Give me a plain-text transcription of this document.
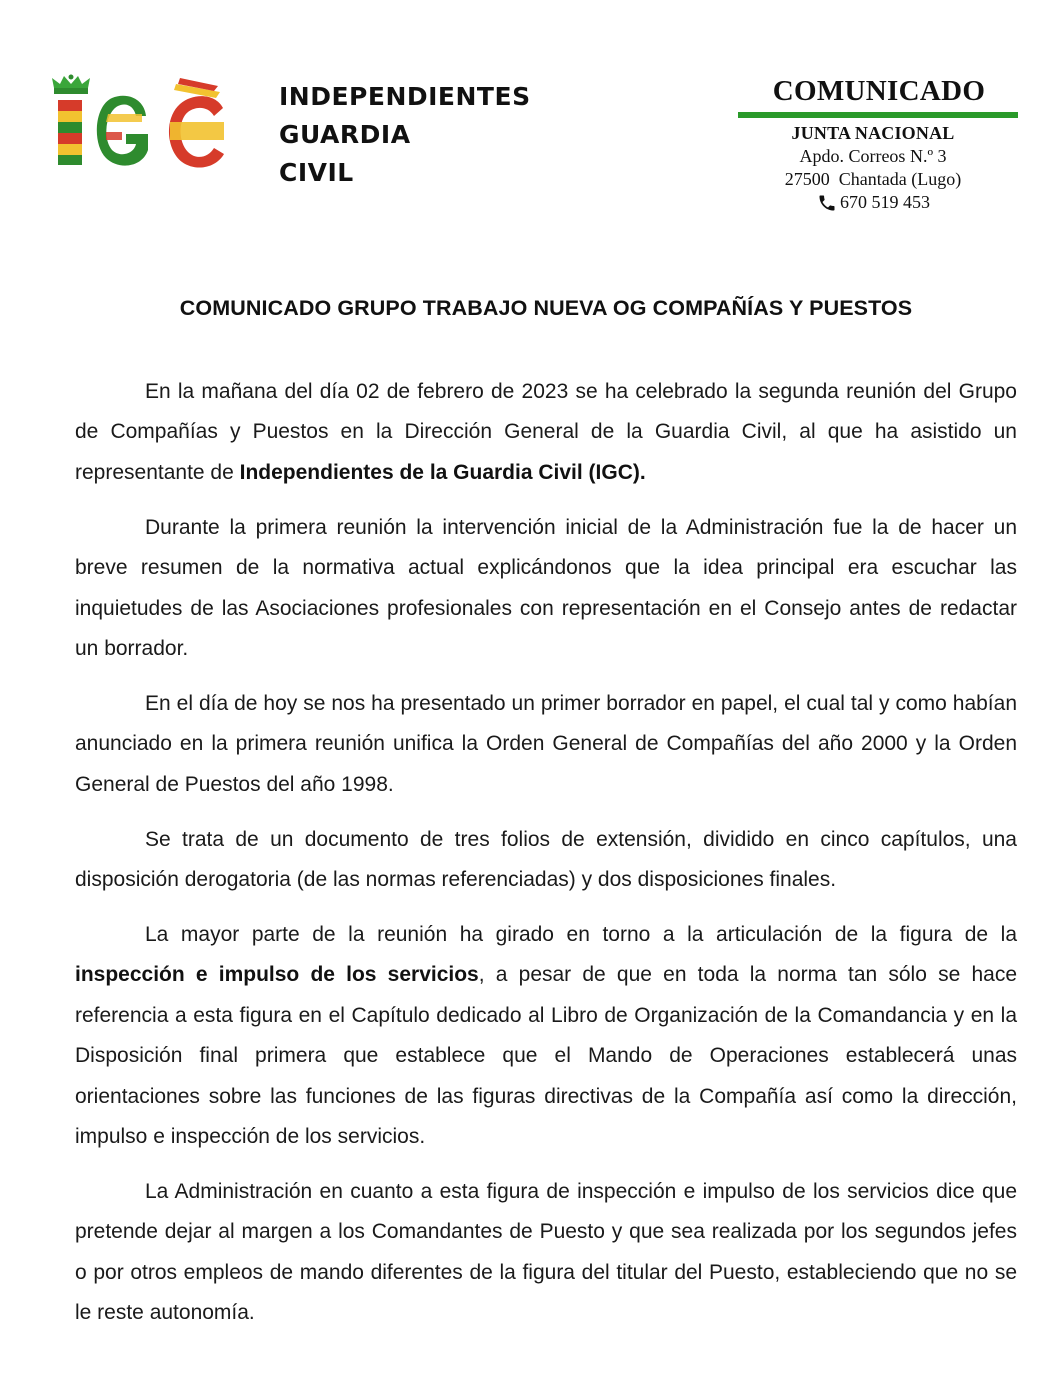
INDEPENDIENTES
GUARDIA
CIVIL
COMUNICADO
JUNTA NACIONAL
Apdo. Correos N.º 3
27500  Chantada (Lugo)
670 519 453
COMUNICADO GRUPO TRABAJO NUEVA OG COMPAÑÍAS Y PUESTOS

En la mañana del día 02 de febrero de 2023 se ha celebrado la segunda reunión del Grupo de Compañías y Puestos en la Dirección General de la Guardia Civil, al que ha asistido un representante de Independientes de la Guardia Civil (IGC).

Durante la primera reunión la intervención inicial de la Administración fue la de hacer un breve resumen de la normativa actual explicándonos que la idea principal era escuchar las inquietudes de las Asociaciones profesionales con representación en el Consejo antes de redactar un borrador.

En el día de hoy se nos ha presentado un primer borrador en papel, el cual tal y como habían anunciado en la primera reunión unifica la Orden General de Compañías del año 2000 y la Orden General de Puestos del año 1998.

Se trata de un documento de tres folios de extensión, dividido en cinco capítulos, una disposición derogatoria (de las normas referenciadas) y dos disposiciones finales.

La mayor parte de la reunión ha girado en torno a la articulación de la figura de la inspección e impulso de los servicios, a pesar de que en toda la norma tan sólo se hace referencia a esta figura en el Capítulo dedicado al Libro de Organización de la Comandancia y en la Disposición final primera que establece que el Mando de Operaciones establecerá unas orientaciones sobre las funciones de las figuras directivas de la Compañía así como la dirección, impulso e inspección de los servicios.

La Administración en cuanto a esta figura de inspección e impulso de los servicios dice que pretende dejar al margen a los Comandantes de Puesto y que sea realizada por los segundos jefes o por otros empleos de mando diferentes de la figura del titular del Puesto, estableciendo que no se le reste autonomía.
